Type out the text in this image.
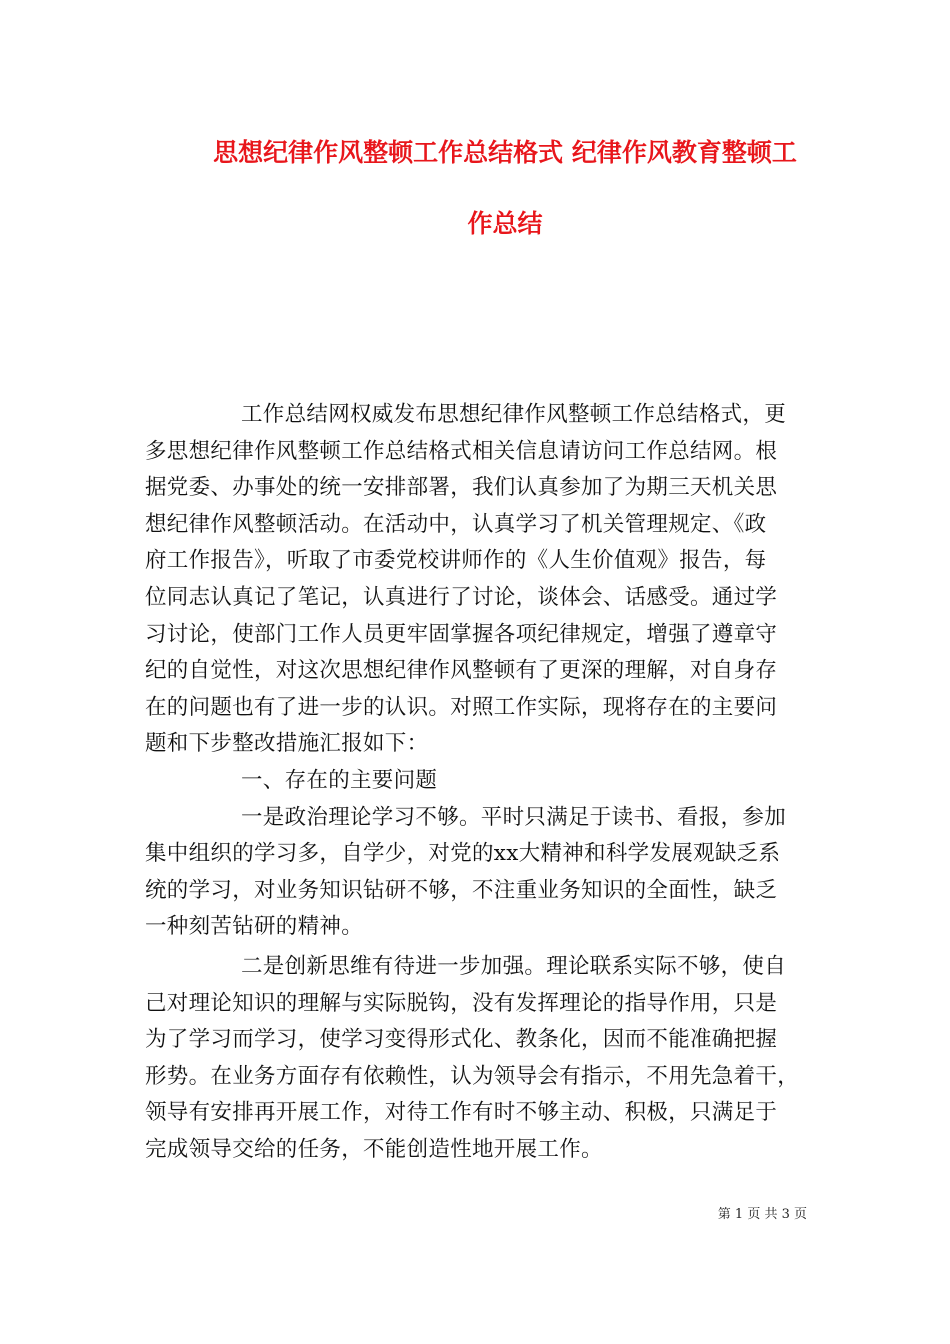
思想纪律作风整顿工作总结格式 纪律作风教育整顿工
作总结
工作总结网权威发布思想纪律作风整顿工作总结格式，更
多思想纪律作风整顿工作总结格式相关信息请访问工作总结网。根
据党委、办事处的统一安排部署，我们认真参加了为期三天机关思
想纪律作风整顿活动。在活动中，认真学习了机关管理规定、《政
府工作报告》，听取了市委党校讲师作的《人生价值观》报告，每
位同志认真记了笔记，认真进行了讨论，谈体会、话感受。通过学
习讨论，使部门工作人员更牢固掌握各项纪律规定，增强了遵章守
纪的自觉性，对这次思想纪律作风整顿有了更深的理解，对自身存
在的问题也有了进一步的认识。对照工作实际，现将存在的主要问
题和下步整改措施汇报如下：
一、存在的主要问题
一是政治理论学习不够。平时只满足于读书、看报，参加
集中组织的学习多，自学少，对党的xx大精神和科学发展观缺乏系
统的学习，对业务知识钻研不够，不注重业务知识的全面性，缺乏
一种刻苦钻研的精神。
二是创新思维有待进一步加强。理论联系实际不够，使自
己对理论知识的理解与实际脱钩，没有发挥理论的指导作用，只是
为了学习而学习，使学习变得形式化、教条化，因而不能准确把握
形势。在业务方面存有依赖性，认为领导会有指示，不用先急着干，
领导有安排再开展工作，对待工作有时不够主动、积极，只满足于
完成领导交给的任务，不能创造性地开展工作。
第 1 页 共 3 页
